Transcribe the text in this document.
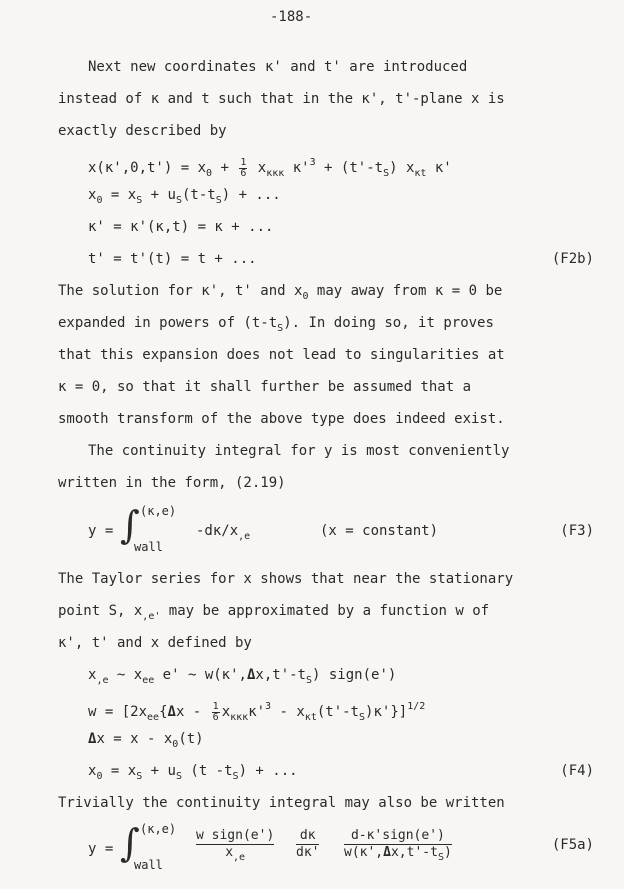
-188-
Next new coordinates κ' and t' are introduced
instead of κ and t such that in the κ', t'-plane x is
exactly described by
$x(\kappa',0,t') = x_0 + \frac{1}{6} x_{\kappa\kappa\kappa}$ $\kappa'^3 + (t'-t_S)$ $x_{\kappa t}$ κ'
$x_0 = x_S + u_S(t-t_S)$ + ...
κ' = κ'(κ,t) = κ + ...
t' = t'(t) = t + ...	(F2b)
The solution for κ', t' and $x_0$ may away from κ = 0 be
expanded in powers of $(t-t_S)$. In doing so, it proves
that this expansion does not lead to singularities at
κ = 0, so that it shall further be assumed that a
smooth transform of the above type does indeed exist.
The continuity integral for y is most conveniently
written in the form, (2.19)
y = ∫ (κ,e)
wall
$-d\kappa/x_{,e}$	(x = constant)	(F3)
The Taylor series for x shows that near the stationary
point S, $x_{,e'}$ may be approximated by a function w of
κ', t' and x defined by
$x_{,e}$ ~ $x_{ee}$ e' ~ $w(\kappa',\Delta x,t'-t_S)$ sign(e')
$w = [2x_{ee}\{\Delta x - \frac{1}{6} x_{\kappa\kappa\kappa}\kappa'^3 - x_{\kappa t}(t'-t_S)\kappa'\}]^{1/2}$
$\Delta x = x - x_0(t)$
$x_0 = x_S + u_S$ (t $-t_S$) + ...	(F4)
Trivially the continuity integral may also be written
y = ∫ (κ,e)
wall
w sign(e')
$x_{,e}$	$\frac{d\kappa}{d\kappa'}$	d-κ'sign(e')
$w(\kappa',\Delta x,t'-t_S)$	(F5a)
